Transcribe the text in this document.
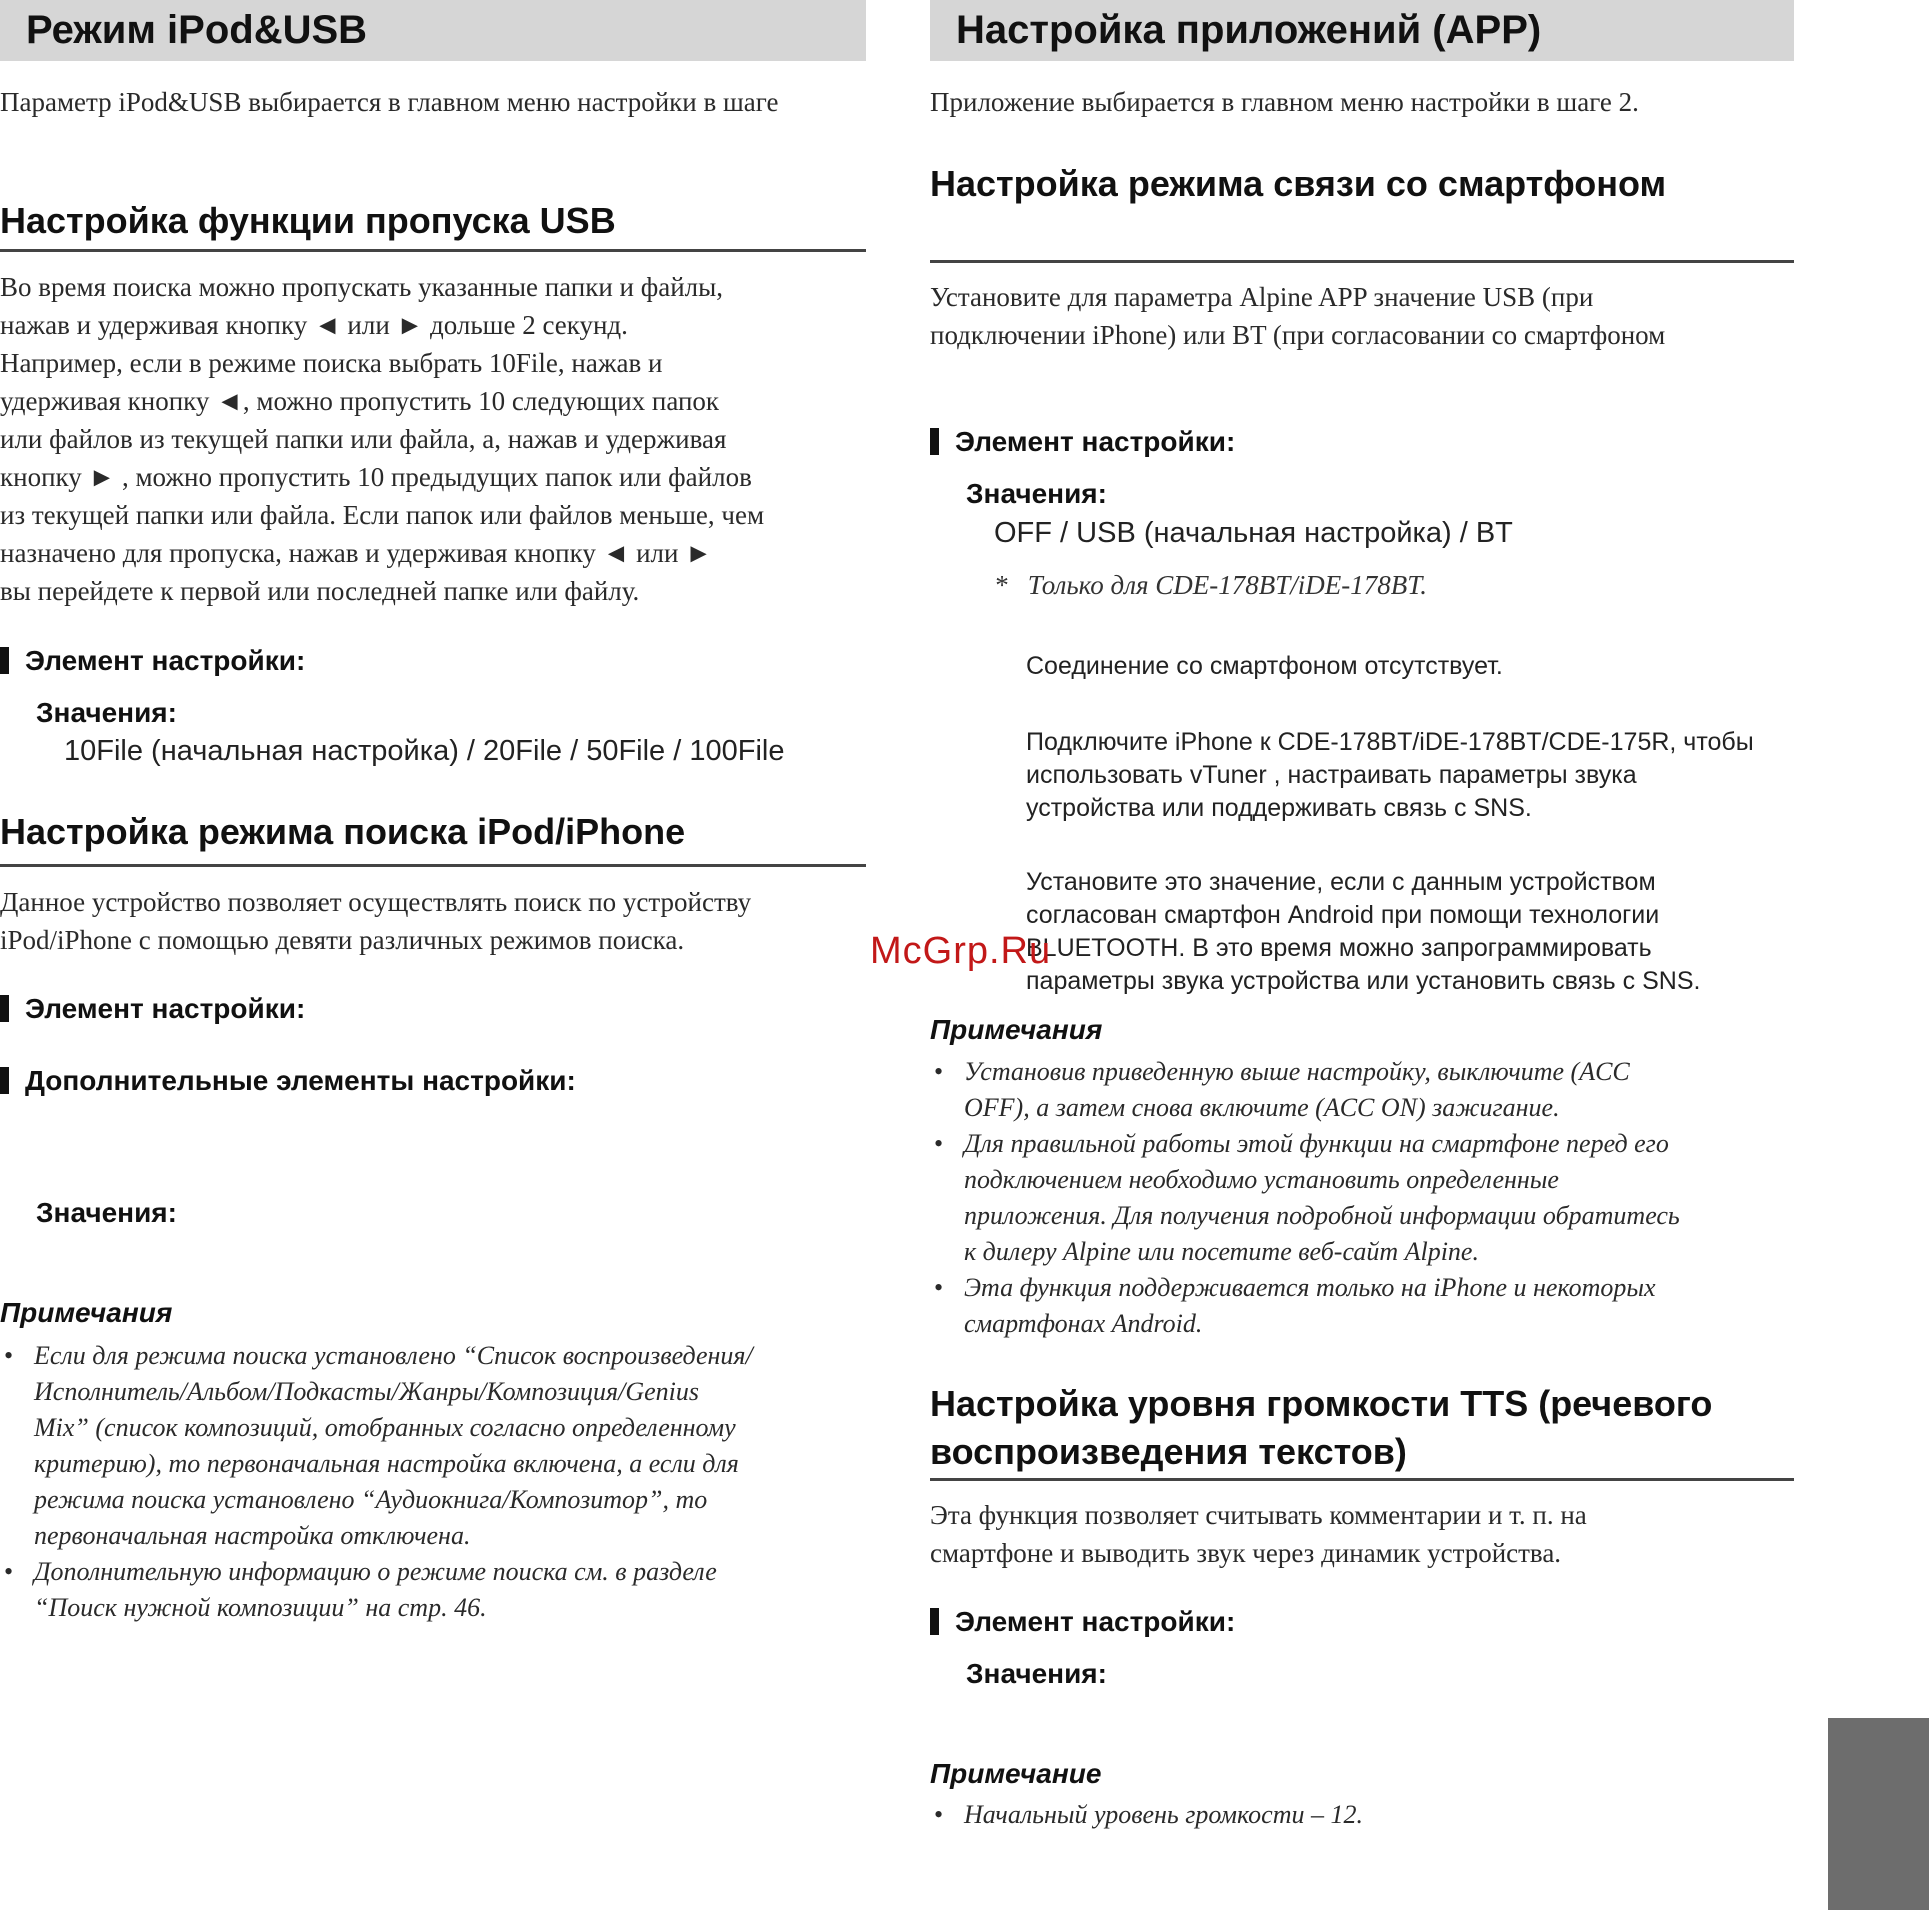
Режим iPod&USB

Параметр iPod&USB выбирается в главном меню настройки в шаге

Настройка функции пропуска USB

Во время поиска можно пропускать указанные папки и файлы,

нажав и удерживая кнопку ◄ или ► дольше 2 секунд.

Например, если в режиме поиска выбрать 10File, нажав и

удерживая кнопку ◄, можно пропустить 10 следующих папок

или файлов из текущей папки или файла, а, нажав и удерживая

кнопку ► , можно пропустить 10 предыдущих папок или файлов

из текущей папки или файла. Если папок или файлов меньше, чем

назначено для пропуска, нажав и удерживая кнопку ◄ или ►

вы перейдете к первой или последней папке или файлу.

Элемент настройки:
Значения:
10File (начальная настройка) / 20File / 50File / 100File
Настройка режима поиска iPod/iPhone

Данное устройство позволяет осуществлять поиск по устройству

iPod/iPhone с помощью девяти различных режимов поиска.

Элемент настройки:
Дополнительные элементы настройки:
Значения:
Примечания
• Если для режима поиска установлено “Список воспроизведения/
Исполнитель/Альбом/Подкасты/Жанры/Композиция/Genius
Mix” (список композиций, отобранных согласно определенному
критерию), то первоначальная настройка включена, а если для
режима поиска установлено “Аудиокнига/Композитор”, то
первоначальная настройка отключена.
• Дополнительную информацию о режиме поиска см. в разделе
“Поиск нужной композиции” на стр. 46.
Настройка приложений (APP)

Приложение выбирается в главном меню настройки в шаге 2.

Настройка режима связи со смартфоном

Установите для параметра Alpine APP значение USB (при

подключении iPhone) или BT (при согласовании со смартфоном

Элемент настройки:
Значения:
OFF / USB (начальная настройка) / BT
* Только для CDE-178BT/iDE-178BT.
Соединение со смартфоном отсутствует.
Подключите iPhone к CDE-178BT/iDE-178BT/CDE-175R, чтобы
использовать vTuner , настраивать параметры звука
устройства или поддерживать связь с SNS.
Установите это значение, если с данным устройством
согласован смартфон Android при помощи технологии
BLUETOOTH. В это время можно запрограммировать
параметры звука устройства или установить связь с SNS.
Примечания
• Установив приведенную выше настройку, выключите (ACC
OFF), а затем снова включите (ACC ON) зажигание.
• Для правильной работы этой функции на смартфоне перед его
подключением необходимо установить определенные
приложения. Для получения подробной информации обратитесь
к дилеру Alpine или посетите веб-сайт Alpine.
• Эта функция поддерживается только на iPhone и некоторых
смартфонах Android.
Настройка уровня громкости TTS (речевого
воспроизведения текстов)

Эта функция позволяет считывать комментарии и т. п. на

смартфоне и выводить звук через динамик устройства.

Элемент настройки:
Значения:
Примечание
• Начальный уровень громкости – 12.
McGrp.Ru
